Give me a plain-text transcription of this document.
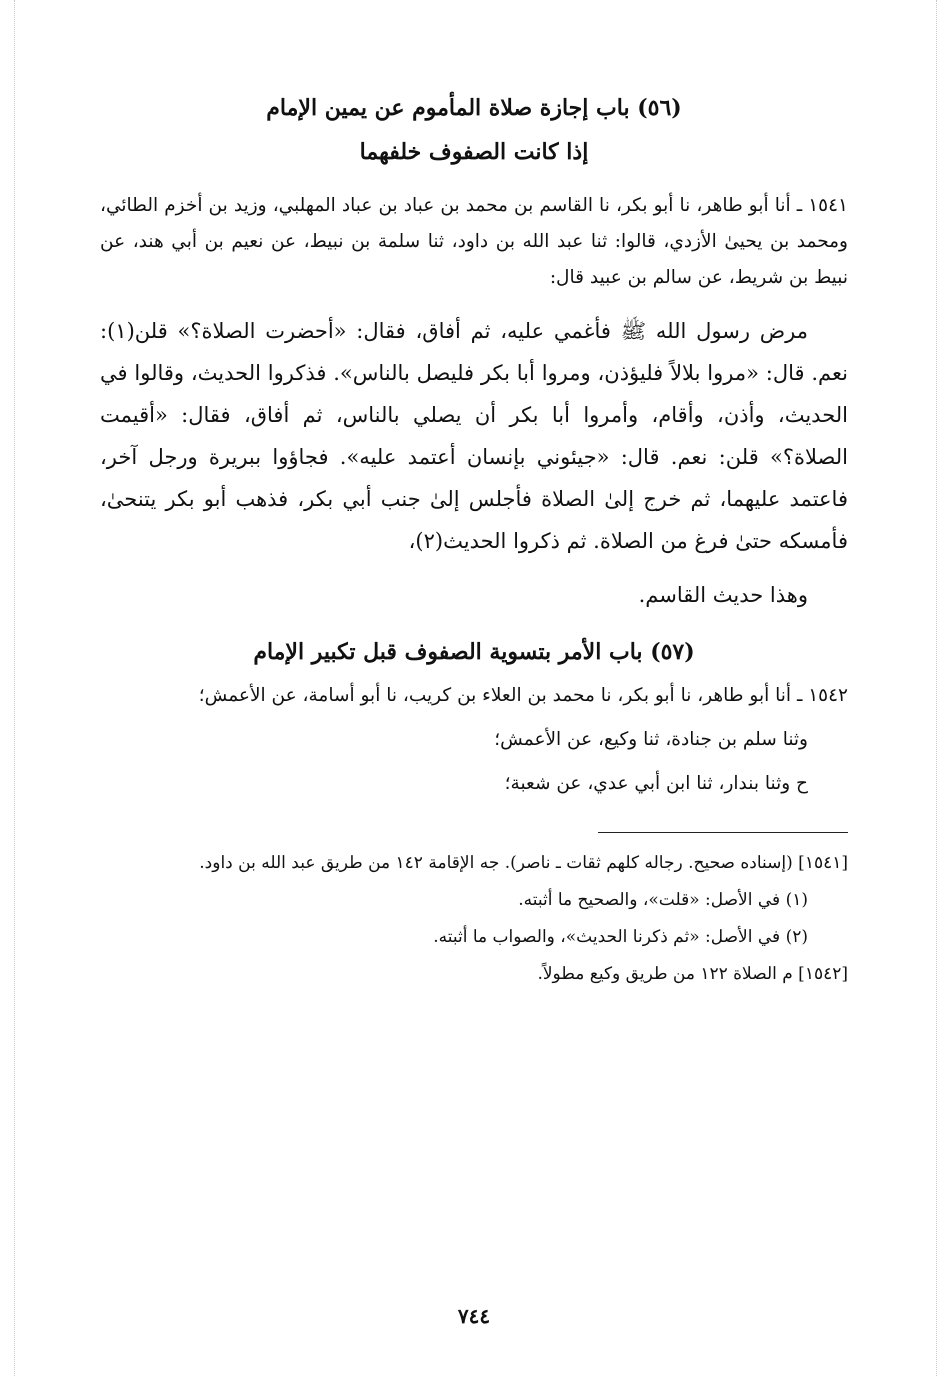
(٥٦) باب إجازة صلاة المأموم عن يمين الإمام

إذا كانت الصفوف خلفهما

١٥٤١ ـ أنا أبو طاهر، نا أبو بكر، نا القاسم بن محمد بن عباد بن عباد المهلبي، وزيد بن أخزم الطائي، ومحمد بن يحيىٰ الأزدي، قالوا: ثنا عبد الله بن داود، ثنا سلمة بن نبيط، عن نعيم بن أبي هند، عن نبيط بن شريط، عن سالم بن عبيد قال:

مرض رسول الله ﷺ فأغمي عليه، ثم أفاق، فقال: «أحضرت الصلاة؟» قلن(١): نعم. قال: «مروا بلالاً فليؤذن، ومروا أبا بكر فليصل بالناس». فذكروا الحديث، وقالوا في الحديث، وأذن، وأقام، وأمروا أبا بكر أن يصلي بالناس، ثم أفاق، فقال: «أقيمت الصلاة؟» قلن: نعم. قال: «جيئوني بإنسان أعتمد عليه». فجاؤوا ببريرة ورجل آخر، فاعتمد عليهما، ثم خرج إلىٰ الصلاة فأجلس إلىٰ جنب أبي بكر، فذهب أبو بكر يتنحىٰ، فأمسكه حتىٰ فرغ من الصلاة. ثم ذكروا الحديث(٢)،

وهذا حديث القاسم.

(٥٧) باب الأمر بتسوية الصفوف قبل تكبير الإمام

١٥٤٢ ـ أنا أبو طاهر، نا أبو بكر، نا محمد بن العلاء بن كريب، نا أبو أسامة، عن الأعمش؛

وثنا سلم بن جنادة، ثنا وكيع، عن الأعمش؛

ح وثنا بندار، ثنا ابن أبي عدي، عن شعبة؛

[١٥٤١] (إسناده صحيح. رجاله كلهم ثقات ـ ناصر). جه الإقامة ١٤٢ من طريق عبد الله بن داود.

(١) في الأصل: «قلت»، والصحيح ما أثبته.

(٢) في الأصل: «ثم ذكرنا الحديث»، والصواب ما أثبته.

[١٥٤٢] م الصلاة ١٢٢ من طريق وكيع مطولاً.

٧٤٤
